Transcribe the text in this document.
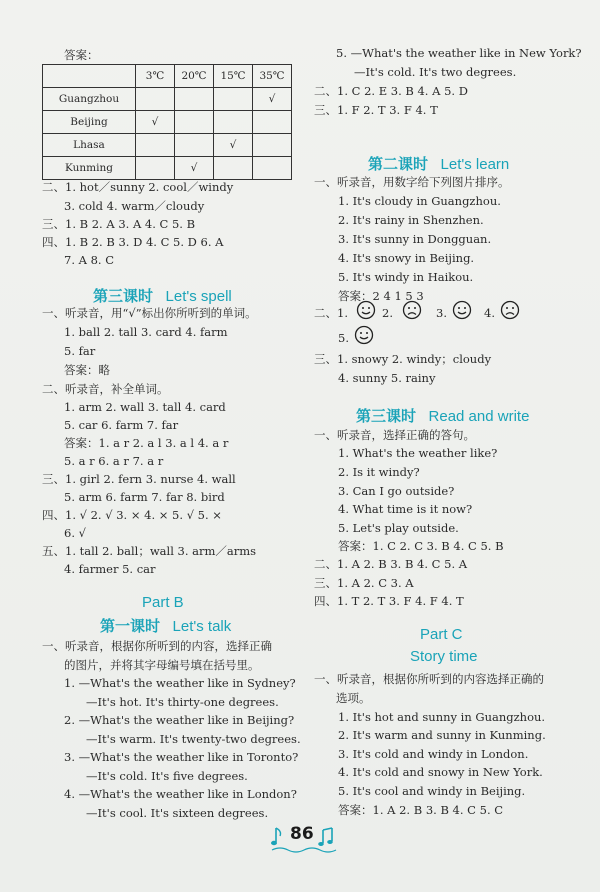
答案：
	3℃	20℃	15℃	35℃
Guangzhou				√
Beijing	√			
Lhasa			√	
Kunming		√		
二、1. hot／sunny 2. cool／windy
3. cold 4. warm／cloudy
三、1. B 2. A 3. A 4. C 5. B
四、1. B 2. B 3. D 4. C 5. D 6. A
7. A 8. C
第三课时 Let's spell
一、听录音，用“√”标出你所听到的单词。
1. ball 2. tall 3. card 4. farm
5. far
答案：略
二、听录音，补全单词。
1. arm 2. wall 3. tall 4. card
5. car 6. farm 7. far
答案：1. a r 2. a l 3. a l 4. a r
5. a r 6. a r 7. a r
三、1. girl 2. fern 3. nurse 4. wall
5. arm 6. farm 7. far 8. bird
四、1. √ 2. √ 3. × 4. × 5. √ 5. ×
6. √
五、1. tall 2. ball；wall 3. arm／arms
4. farmer 5. car
Part B
第一课时 Let's talk
一、听录音，根据你所听到的内容，选择正确
的图片，并将其字母编号填在括号里。
1. —What's the weather like in Sydney?
—It's hot. It's thirty-one degrees.
2. —What's the weather like in Beijing?
—It's warm. It's twenty-two degrees.
3. —What's the weather like in Toronto?
—It's cold. It's five degrees.
4. —What's the weather like in London?
—It's cool. It's sixteen degrees.
5. —What's the weather like in New York?
—It's cold. It's two degrees.
二、1. C 2. E 3. B 4. A 5. D
三、1. F 2. T 3. F 4. T
第二课时 Let's learn
一、听录音，用数字给下列图片排序。
1. It's cloudy in Guangzhou.
2. It's rainy in Shenzhen.
3. It's sunny in Dongguan.
4. It's snowy in Beijing.
5. It's windy in Haikou.
答案：2 4 1 5 3
二、1.	2.	3.	4.
5.
三、1. snowy 2. windy；cloudy
4. sunny 5. rainy
第三课时 Read and write
一、听录音，选择正确的答句。
1. What's the weather like?
2. Is it windy?
3. Can I go outside?
4. What time is it now?
5. Let's play outside.
答案：1. C 2. C 3. B 4. C 5. B
二、1. A 2. B 3. B 4. C 5. A
三、1. A 2. C 3. A
四、1. T 2. T 3. F 4. F 4. T
Part C
Story time
一、听录音，根据你所听到的内容选择正确的
选项。
1. It's hot and sunny in Guangzhou.
2. It's warm and sunny in Kunming.
3. It's cold and windy in London.
4. It's cold and snowy in New York.
5. It's cool and windy in Beijing.
答案：1. A 2. B 3. B 4. C 5. C
86
